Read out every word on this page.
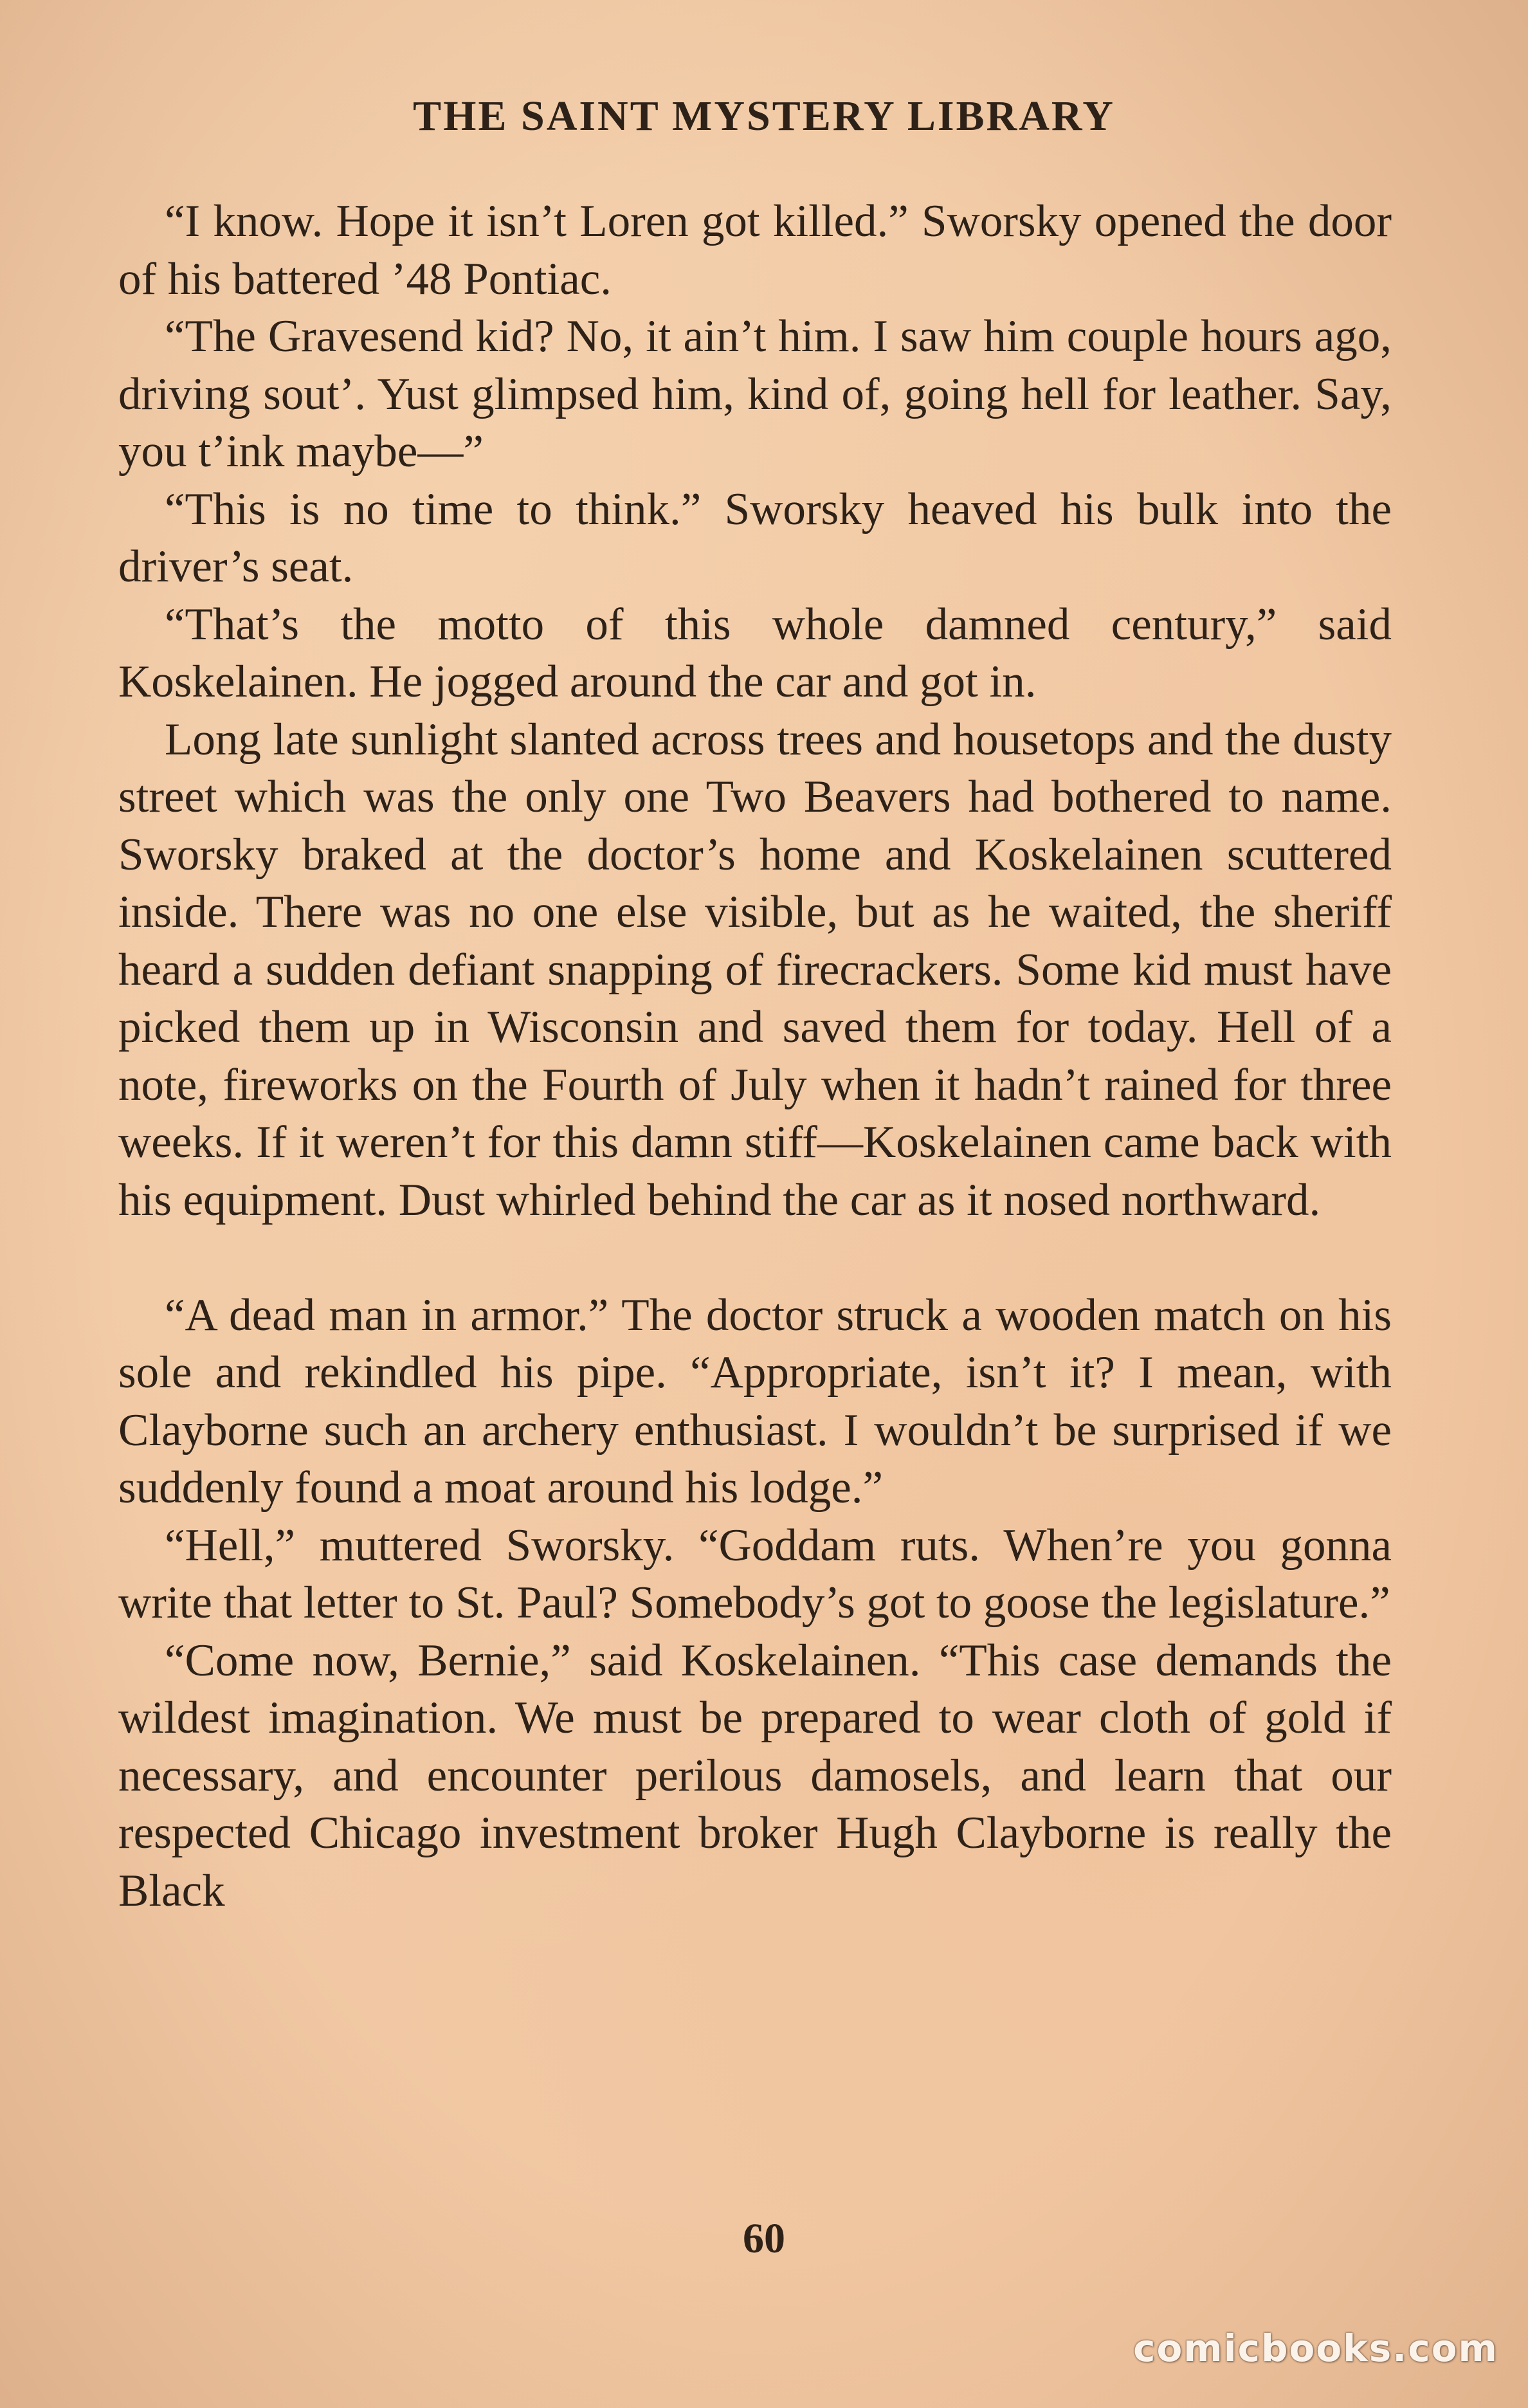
THE SAINT MYSTERY LIBRARY

“I know. Hope it isn’t Loren got killed.” Sworsky opened the door of his battered ’48 Pontiac.

“The Gravesend kid? No, it ain’t him. I saw him couple hours ago, driving sout’. Yust glimpsed him, kind of, going hell for leather. Say, you t’ink maybe—”

“This is no time to think.” Sworsky heaved his bulk into the driver’s seat.

“That’s the motto of this whole damned century,” said Koskelainen. He jogged around the car and got in.

Long late sunlight slanted across trees and housetops and the dusty street which was the only one Two Beavers had bothered to name. Sworsky braked at the doctor’s home and Koskelainen scuttered inside. There was no one else visible, but as he waited, the sheriff heard a sudden defiant snapping of firecrackers. Some kid must have picked them up in Wisconsin and saved them for today. Hell of a note, fireworks on the Fourth of July when it hadn’t rained for three weeks. If it weren’t for this damn stiff—Koskelainen came back with his equipment. Dust whirled behind the car as it nosed northward.

“A dead man in armor.” The doctor struck a wooden match on his sole and rekindled his pipe. “Appropriate, isn’t it? I mean, with Clayborne such an archery enthusiast. I wouldn’t be surprised if we suddenly found a moat around his lodge.”

“Hell,” muttered Sworsky. “Goddam ruts. When’re you gonna write that letter to St. Paul? Somebody’s got to goose the legislature.”

“Come now, Bernie,” said Koskelainen. “This case demands the wildest imagination. We must be prepared to wear cloth of gold if necessary, and encounter perilous damosels, and learn that our respected Chicago investment broker Hugh Clayborne is really the Black

60
comicbooks.com
